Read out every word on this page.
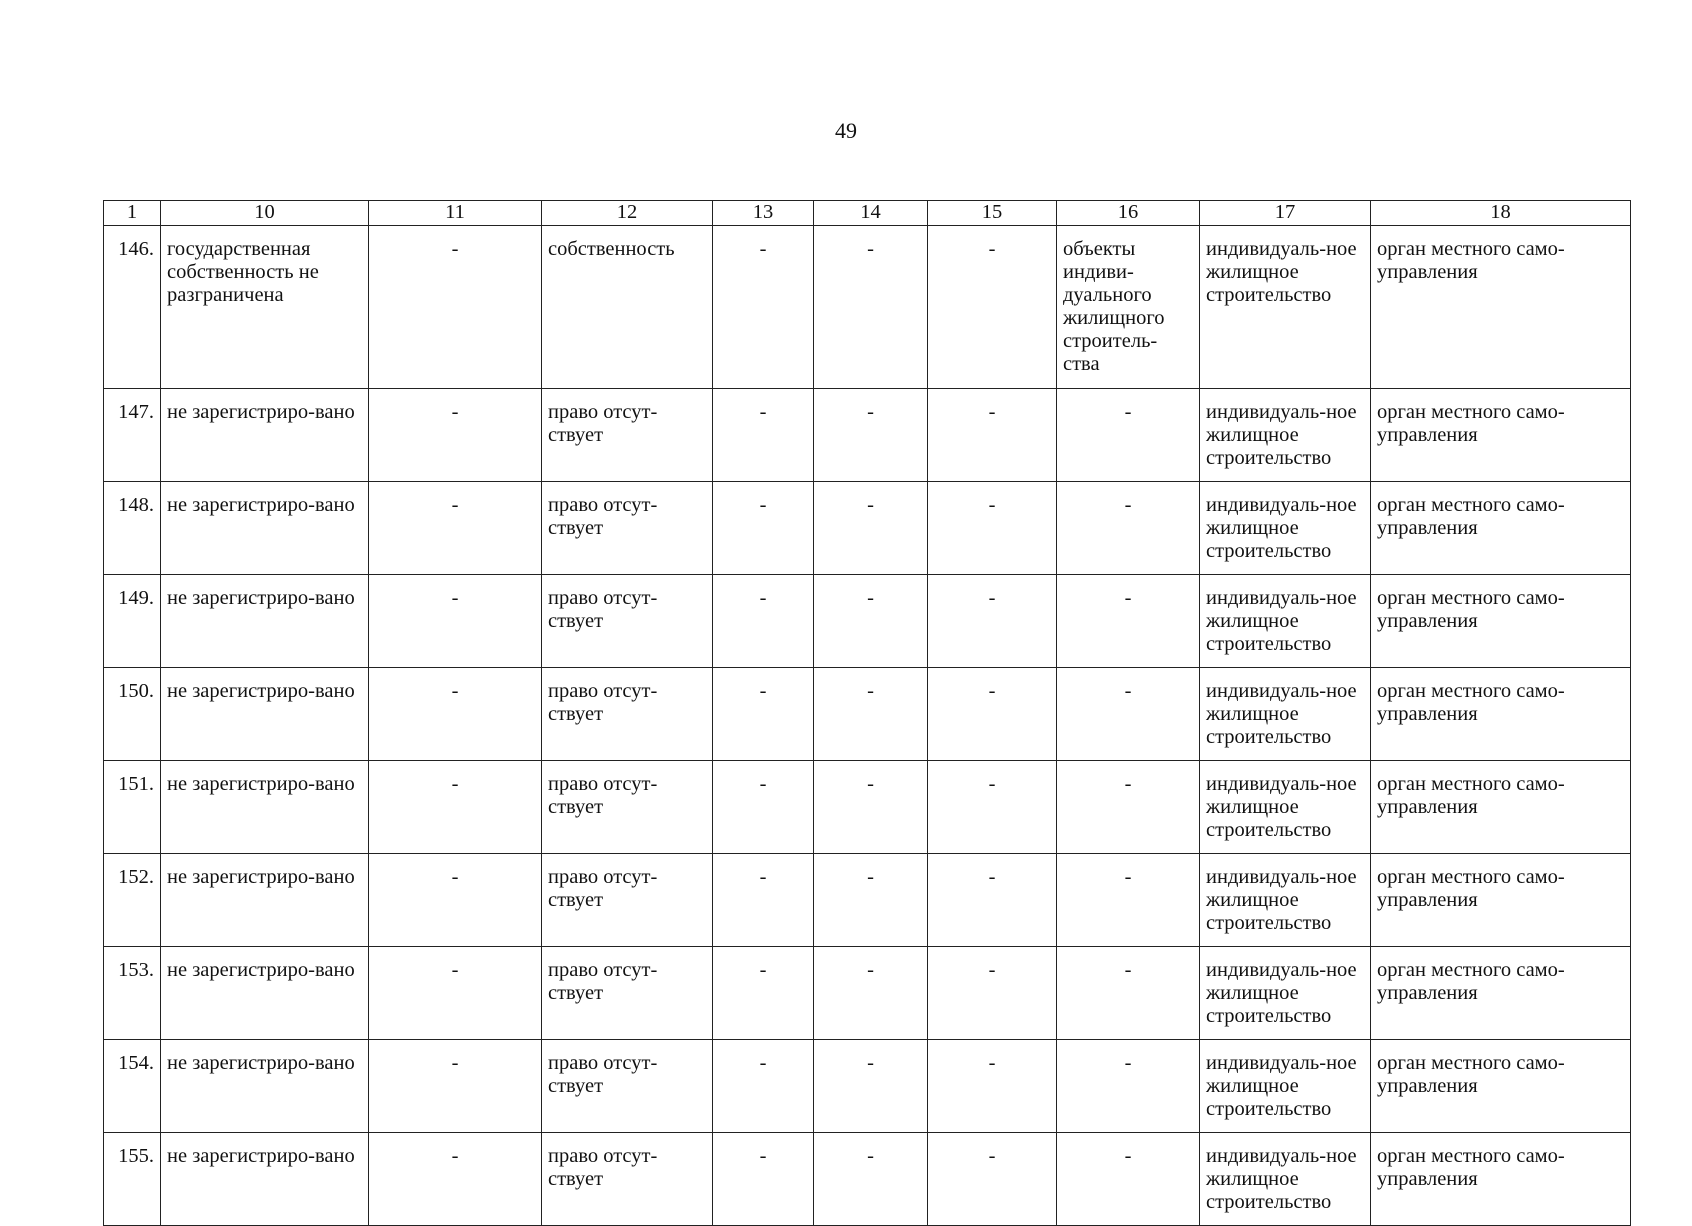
49
1	10	11	12	13	14	15	16	17	18
146.	государственная собственность не разграничена	-	собственность	-	-	-	объекты индиви-дуального жилищного строитель-ства	индивидуаль-ное жилищное строительство	орган местного само-управления
147.	не зарегистриро-вано	-	право отсут-ствует	-	-	-	-	индивидуаль-ное жилищное строительство	орган местного само-управления
148.	не зарегистриро-вано	-	право отсут-ствует	-	-	-	-	индивидуаль-ное жилищное строительство	орган местного само-управления
149.	не зарегистриро-вано	-	право отсут-ствует	-	-	-	-	индивидуаль-ное жилищное строительство	орган местного само-управления
150.	не зарегистриро-вано	-	право отсут-ствует	-	-	-	-	индивидуаль-ное жилищное строительство	орган местного само-управления
151.	не зарегистриро-вано	-	право отсут-ствует	-	-	-	-	индивидуаль-ное жилищное строительство	орган местного само-управления
152.	не зарегистриро-вано	-	право отсут-ствует	-	-	-	-	индивидуаль-ное жилищное строительство	орган местного само-управления
153.	не зарегистриро-вано	-	право отсут-ствует	-	-	-	-	индивидуаль-ное жилищное строительство	орган местного само-управления
154.	не зарегистриро-вано	-	право отсут-ствует	-	-	-	-	индивидуаль-ное жилищное строительство	орган местного само-управления
155.	не зарегистриро-вано	-	право отсут-ствует	-	-	-	-	индивидуаль-ное жилищное строительство	орган местного само-управления
